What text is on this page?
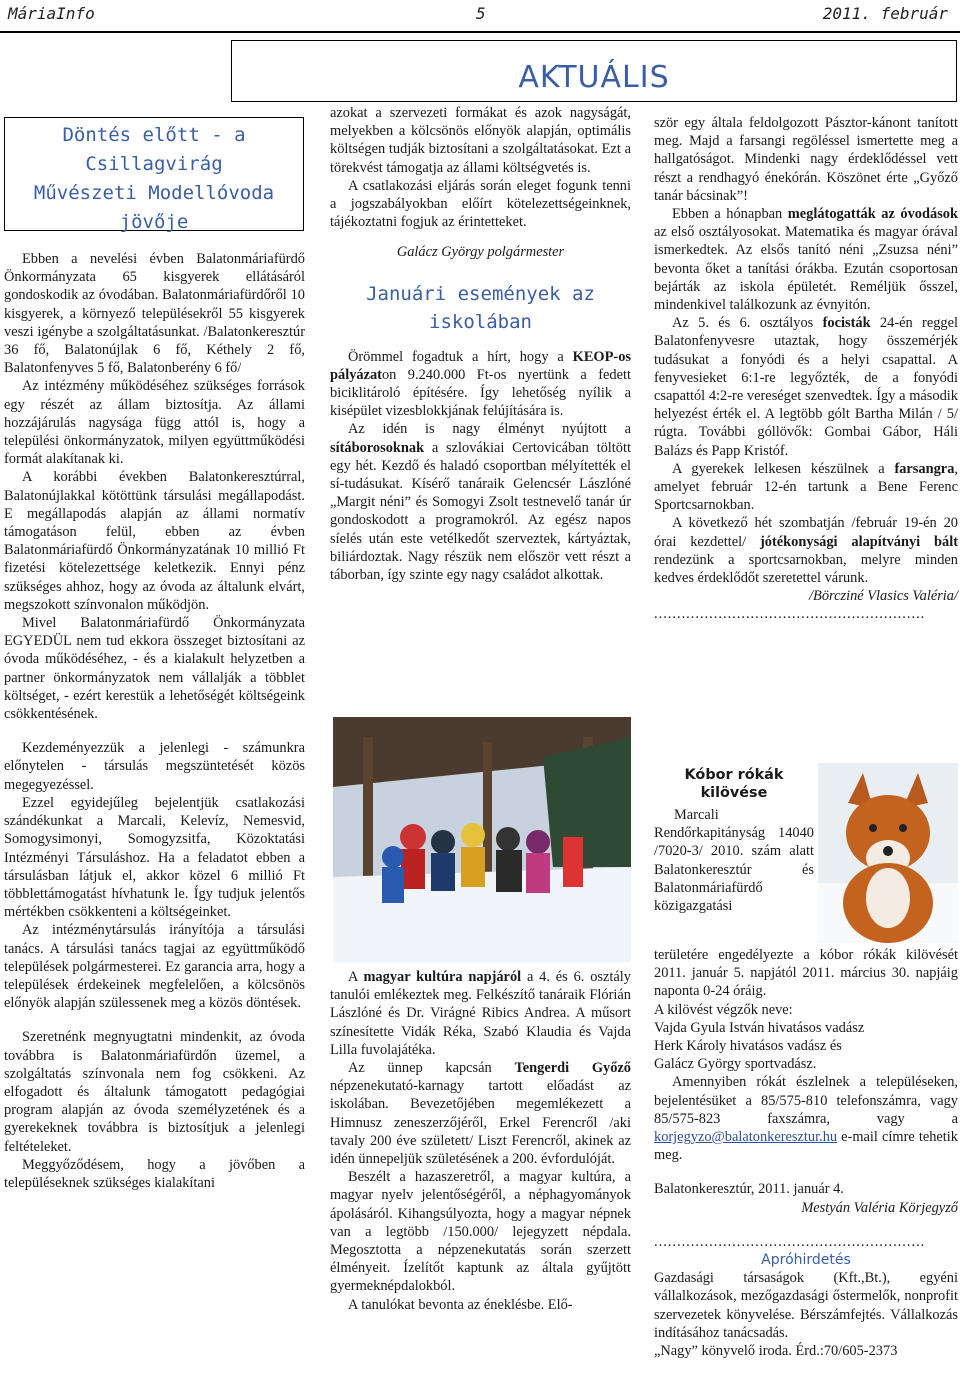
MáriaInfo	5	2011. február
AKTUÁLIS
Döntés előtt - a Csillagvirág
Művészeti Modellóvoda
jövője

Ebben a nevelési évben Balatonmáriafürdő Önkormányzata 65 kisgyerek ellátásáról gondoskodik az óvodában. Balatonmáriafürdőről 10 kisgyerek, a környező településekről 55 kisgyerek veszi igénybe a szolgáltatásunkat. /Balatonkeresztúr 36 fő, Balatonújlak 6 fő, Kéthely 2 fő, Balatonfenyves 5 fő, Balatonberény 6 fő/

Az intézmény működéséhez szükséges források egy részét az állam biztosítja. Az állami hozzájárulás nagysága függ attól is, hogy a települési önkormányzatok, milyen együttműködési formát alakítanak ki.

A korábbi években Balatonkeresztúrral, Balatonújlakkal kötöttünk társulási megállapodást. E megállapodás alapján az állami normatív támogatáson felül, ebben az évben Balatonmáriafürdő Önkormányzatának 10 millió Ft fizetési kötelezettsége keletkezik. Ennyi pénz szükséges ahhoz, hogy az óvoda az általunk elvárt, megszokott színvonalon működjön.

Mivel Balatonmáriafürdő Önkormányzata EGYEDÜL nem tud ekkora összeget biztosítani az óvoda működéséhez, - és a kialakult helyzetben a partner önkormányzatok nem vállalják a többlet költséget, - ezért kerestük a lehetőségét költségeink csökkentésének.

Kezdeményezzük a jelenlegi - számunkra előnytelen - társulás megszüntetését közös megegyezéssel.

Ezzel egyidejűleg bejelentjük csatlakozási szándékunkat a Marcali, Kelevíz, Nemesvid, Somogysimonyi, Somogyzsitfa, Közoktatási Intézményi Társuláshoz. Ha a feladatot ebben a társulásban látjuk el, akkor közel 6 millió Ft többlettámogatást hívhatunk le. Így tudjuk jelentős mértékben csökkenteni a költségeinket.

Az intézménytársulás irányítója a társulási tanács. A társulási tanács tagjai az együttműködő települések polgármesterei. Ez garancia arra, hogy a települések érdekeinek megfelelően, a kölcsönös előnyök alapján szülessenek meg a közös döntések.

Szeretnénk megnyugtatni mindenkit, az óvoda továbbra is Balatonmáriafürdőn üzemel, a szolgáltatás színvonala nem fog csökkeni. Az elfogadott és általunk támogatott pedagógiai program alapján az óvoda személyzetének és a gyerekeknek továbbra is biztosítjuk a jelenlegi feltételeket.

Meggyőződésem, hogy a jövőben a településeknek szükséges kialakítani

azokat a szervezeti formákat és azok nagyságát, melyekben a kölcsönös előnyök alapján, optimális költségen tudják biztosítani a szolgáltatásokat. Ezt a törekvést támogatja az állami költségvetés is.

A csatlakozási eljárás során eleget fogunk tenni a jogszabályokban előírt kötelezettségeinknek, tájékoztatni fogjuk az érintetteket.

Galácz György polgármester

Januári események az
iskolában

Örömmel fogadtuk a hírt, hogy a KEOP-os pályázaton 9.240.000 Ft-os nyertünk a fedett biciklitároló építésére. Így lehetőség nyílik a kisépület vizesblokkjának felújítására is.

Az idén is nagy élményt nyújtott a sítáborosoknak a szlovákiai Certovicában töltött egy hét. Kezdő és haladó csoportban mélyítették el sí-tudásukat. Kísérő tanáraik Gelencsér Lászlóné „Margit néni” és Somogyi Zsolt testnevelő tanár úr gondoskodott a programokról. Az egész napos síelés után este vetélkedőt szerveztek, kártyáztak, biliárdoztak. Nagy részük nem először vett részt a táborban, így szinte egy nagy családot alkottak.

A magyar kultúra napjáról a 4. és 6. osztály tanulói emlékeztek meg. Felkészítő tanáraik Flórián Lászlóné és Dr. Virágné Ribics Andrea. A műsort színesítette Vidák Réka, Szabó Klaudia és Vajda Lilla fuvolajátéka.

Az ünnep kapcsán Tengerdi Győző népzenekutató-karnagy tartott előadást az iskolában. Bevezetőjében megemlékezett a Himnusz zeneszerzőjéről, Erkel Ferencről /aki tavaly 200 éve született/ Liszt Ferencről, akinek az idén ünnepeljük születésének a 200. évfordulóját.

Beszélt a hazaszeretről, a magyar kultúra, a magyar nyelv jelentőségéről, a néphagyományok ápolásáról. Kihangsúlyozta, hogy a magyar népnek van a legtöbb /150.000/ lejegyzett népdala. Megosztotta a népzenekutatás során szerzett élményeit. Ízelítőt kaptunk az általa gyűjtött gyermeknépdalokból.

A tanulókat bevonta az éneklésbe. Elő-

ször egy általa feldolgozott Pásztor-kánont tanított meg. Majd a farsangi regöléssel ismertette meg a hallgatóságot. Mindenki nagy érdeklődéssel vett részt a rendhagyó énekórán. Köszönet érte „Győző tanár bácsinak”!

Ebben a hónapban meglátogatták az óvodások az első osztályosokat. Matematika és magyar órával ismerkedtek. Az elsős tanító néni „Zsuzsa néni” bevonta őket a tanítási órákba. Ezután csoportosan bejárták az iskola épületét. Reméljük ősszel, mindenkivel találkozunk az évnyitón.

Az 5. és 6. osztályos focisták 24-én reggel Balatonfenyvesre utaztak, hogy összemérjék tudásukat a fonyódi és a helyi csapattal. A fenyvesieket 6:1-re legyőzték, de a fonyódi csapattól 4:2-re vereséget szenvedtek. Így a második helyezést érték el. A legtöbb gólt Bartha Milán / 5/ rúgta. További góllövők: Gombai Gábor, Háli Balázs és Papp Kristóf.

A gyerekek lelkesen készülnek a farsangra, amelyet február 12-én tartunk a Bene Ferenc Sportcsarnokban.

A következő hét szombatján /február 19-én 20 órai kezdettel/ jótékonysági alapítványi bált rendezünk a sportcsarnokban, melyre minden kedves érdeklődőt szeretettel várunk.

/Börcziné Vlasics Valéria/

...........................................................

Kóbor rókák
kilövése
Marcali Rendőrkapitányság 14040 /7020-3/ 2010. szám alatt Balatonkeresztúr és Balatonmáriafürdő közigazgatási

területére engedélyezte a kóbor rókák kilövését 2011. január 5. napjától 2011. március 30. napjáig naponta 0-24 óráig.

A kilövést végzők neve:

Vajda Gyula István hivatásos vadász

Herk Károly hivatásos vadász és

Galácz György sportvadász.

Amennyiben rókát észlelnek a településeken, bejelentésüket a 85/575-810 telefonszámra, vagy 85/575-823 faxszámra, vagy a korjegyzo@balatonkeresztur.hu e-mail címre tehetik meg.

Balatonkeresztúr, 2011. január 4.

Mestyán Valéria Körjegyző

...........................................................

Apróhirdetés

Gazdasági társaságok (Kft.,Bt.), egyéni vállalkozások, mezőgazdasági őstermelők, nonprofit szervezetek könyvelése. Bérszámfejtés. Vállalkozás indításához tanácsadás.

„Nagy” könyvelő iroda. Érd.:70/605-2373
